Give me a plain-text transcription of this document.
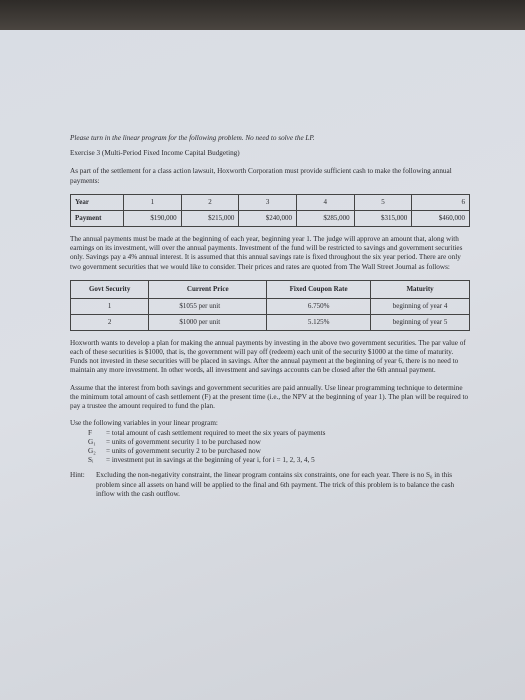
Please turn in the linear program for the following problem. No need to solve the LP.
Exercise 3 (Multi-Period Fixed Income Capital Budgeting)

As part of the settlement for a class action lawsuit, Hoxworth Corporation must provide sufficient cash to make the following annual payments:

Year	1	2	3	4	5	6
Payment	$190,000	$215,000	$240,000	$285,000	$315,000	$460,000

The annual payments must be made at the beginning of each year, beginning year 1. The judge will approve an amount that, along with earnings on its investment, will over the annual payments. Investment of the fund will be restricted to savings and government securities only. Savings pay a 4% annual interest. It is assumed that this annual savings rate is fixed throughout the six year period. There are only two government securities that we would like to consider. Their prices and rates are quoted from The Wall Street Journal as follows:

Govt Security	Current Price	Fixed Coupon Rate	Maturity
1	$1055 per unit	6.750%	beginning of year 4
2	$1000 per unit	5.125%	beginning of year 5

Hoxworth wants to develop a plan for making the annual payments by investing in the above two government securities. The par value of each of these securities is $1000, that is, the government will pay off (redeem) each unit of the security $1000 at the time of maturity. Funds not invested in these securities will be placed in savings. After the annual payment at the beginning of year 6, there is no need to maintain any more investment. In other words, all investment and savings accounts can be closed after the 6th annual payment.

Assume that the interest from both savings and government securities are paid annually. Use linear programming technique to determine the minimum total amount of cash settlement (F) at the present time (i.e., the NPV at the beginning of year 1). The plan will be required to pay a trustee the amount required to fund the plan.

Use the following variables in your linear program:
F	= total amount of cash settlement required to meet the six years of payments
G₁	= units of government security 1 to be purchased now
G₂	= units of government security 2 to be purchased now
Sᵢ	= investment put in savings at the beginning of year i, for i = 1, 2, 3, 4, 5
Hint:	Excluding the non-negativity constraint, the linear program contains six constraints, one for each year. There is no S₆ in this problem since all assets on hand will be applied to the final and 6th payment. The trick of this problem is to balance the cash inflow with the cash outflow.
